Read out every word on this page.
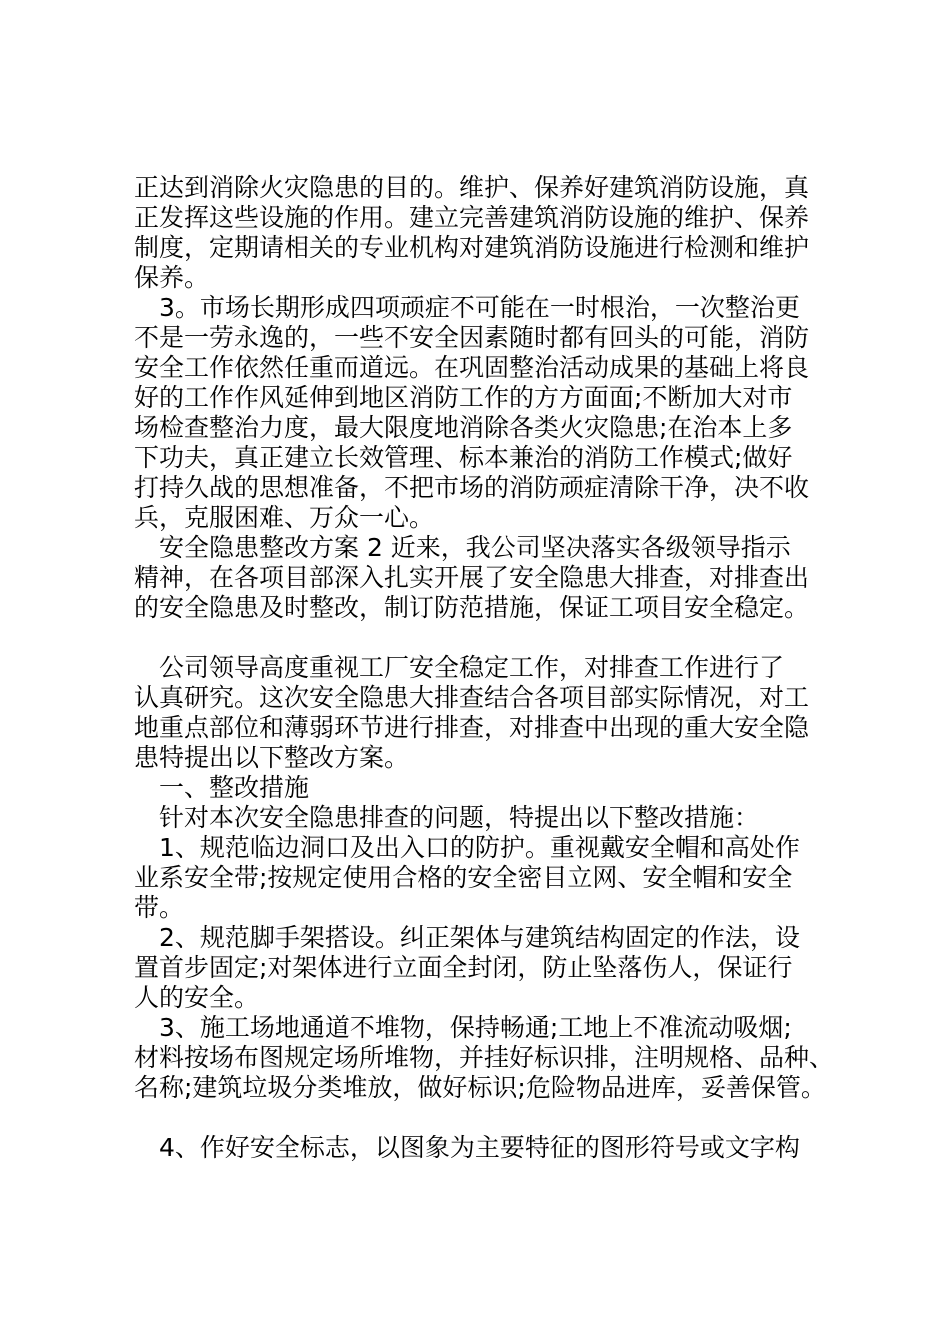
正达到消除火灾隐患的目的。维护、保养好建筑消防设施，真
正发挥这些设施的作用。建立完善建筑消防设施的维护、保养
制度，定期请相关的专业机构对建筑消防设施进行检测和维护
保养。
　3。市场长期形成四项顽症不可能在一时根治，一次整治更
不是一劳永逸的，一些不安全因素随时都有回头的可能，消防
安全工作依然任重而道远。在巩固整治活动成果的基础上将良
好的工作作风延伸到地区消防工作的方方面面;不断加大对市
场检查整治力度，最大限度地消除各类火灾隐患;在治本上多
下功夫，真正建立长效管理、标本兼治的消防工作模式;做好
打持久战的思想准备，不把市场的消防顽症清除干净，决不收
兵，克服困难、万众一心。
　安全隐患整改方案 2 近来，我公司坚决落实各级领导指示
精神，在各项目部深入扎实开展了安全隐患大排查，对排查出
的安全隐患及时整改，制订防范措施，保证工项目安全稳定。
　公司领导高度重视工厂安全稳定工作，对排查工作进行了
认真研究。这次安全隐患大排查结合各项目部实际情况，对工
地重点部位和薄弱环节进行排查，对排查中出现的重大安全隐
患特提出以下整改方案。
　一、整改措施
　针对本次安全隐患排查的问题，特提出以下整改措施：
　1、规范临边洞口及出入口的防护。重视戴安全帽和高处作
业系安全带;按规定使用合格的安全密目立网、安全帽和安全
带。
　2、规范脚手架搭设。纠正架体与建筑结构固定的作法，设
置首步固定;对架体进行立面全封闭，防止坠落伤人，保证行
人的安全。
　3、施工场地通道不堆物，保持畅通;工地上不准流动吸烟;
材料按场布图规定场所堆物，并挂好标识排，注明规格、品种、
名称;建筑垃圾分类堆放，做好标识;危险物品进库，妥善保管。
　4、作好安全标志，以图象为主要特征的图形符号或文字构
